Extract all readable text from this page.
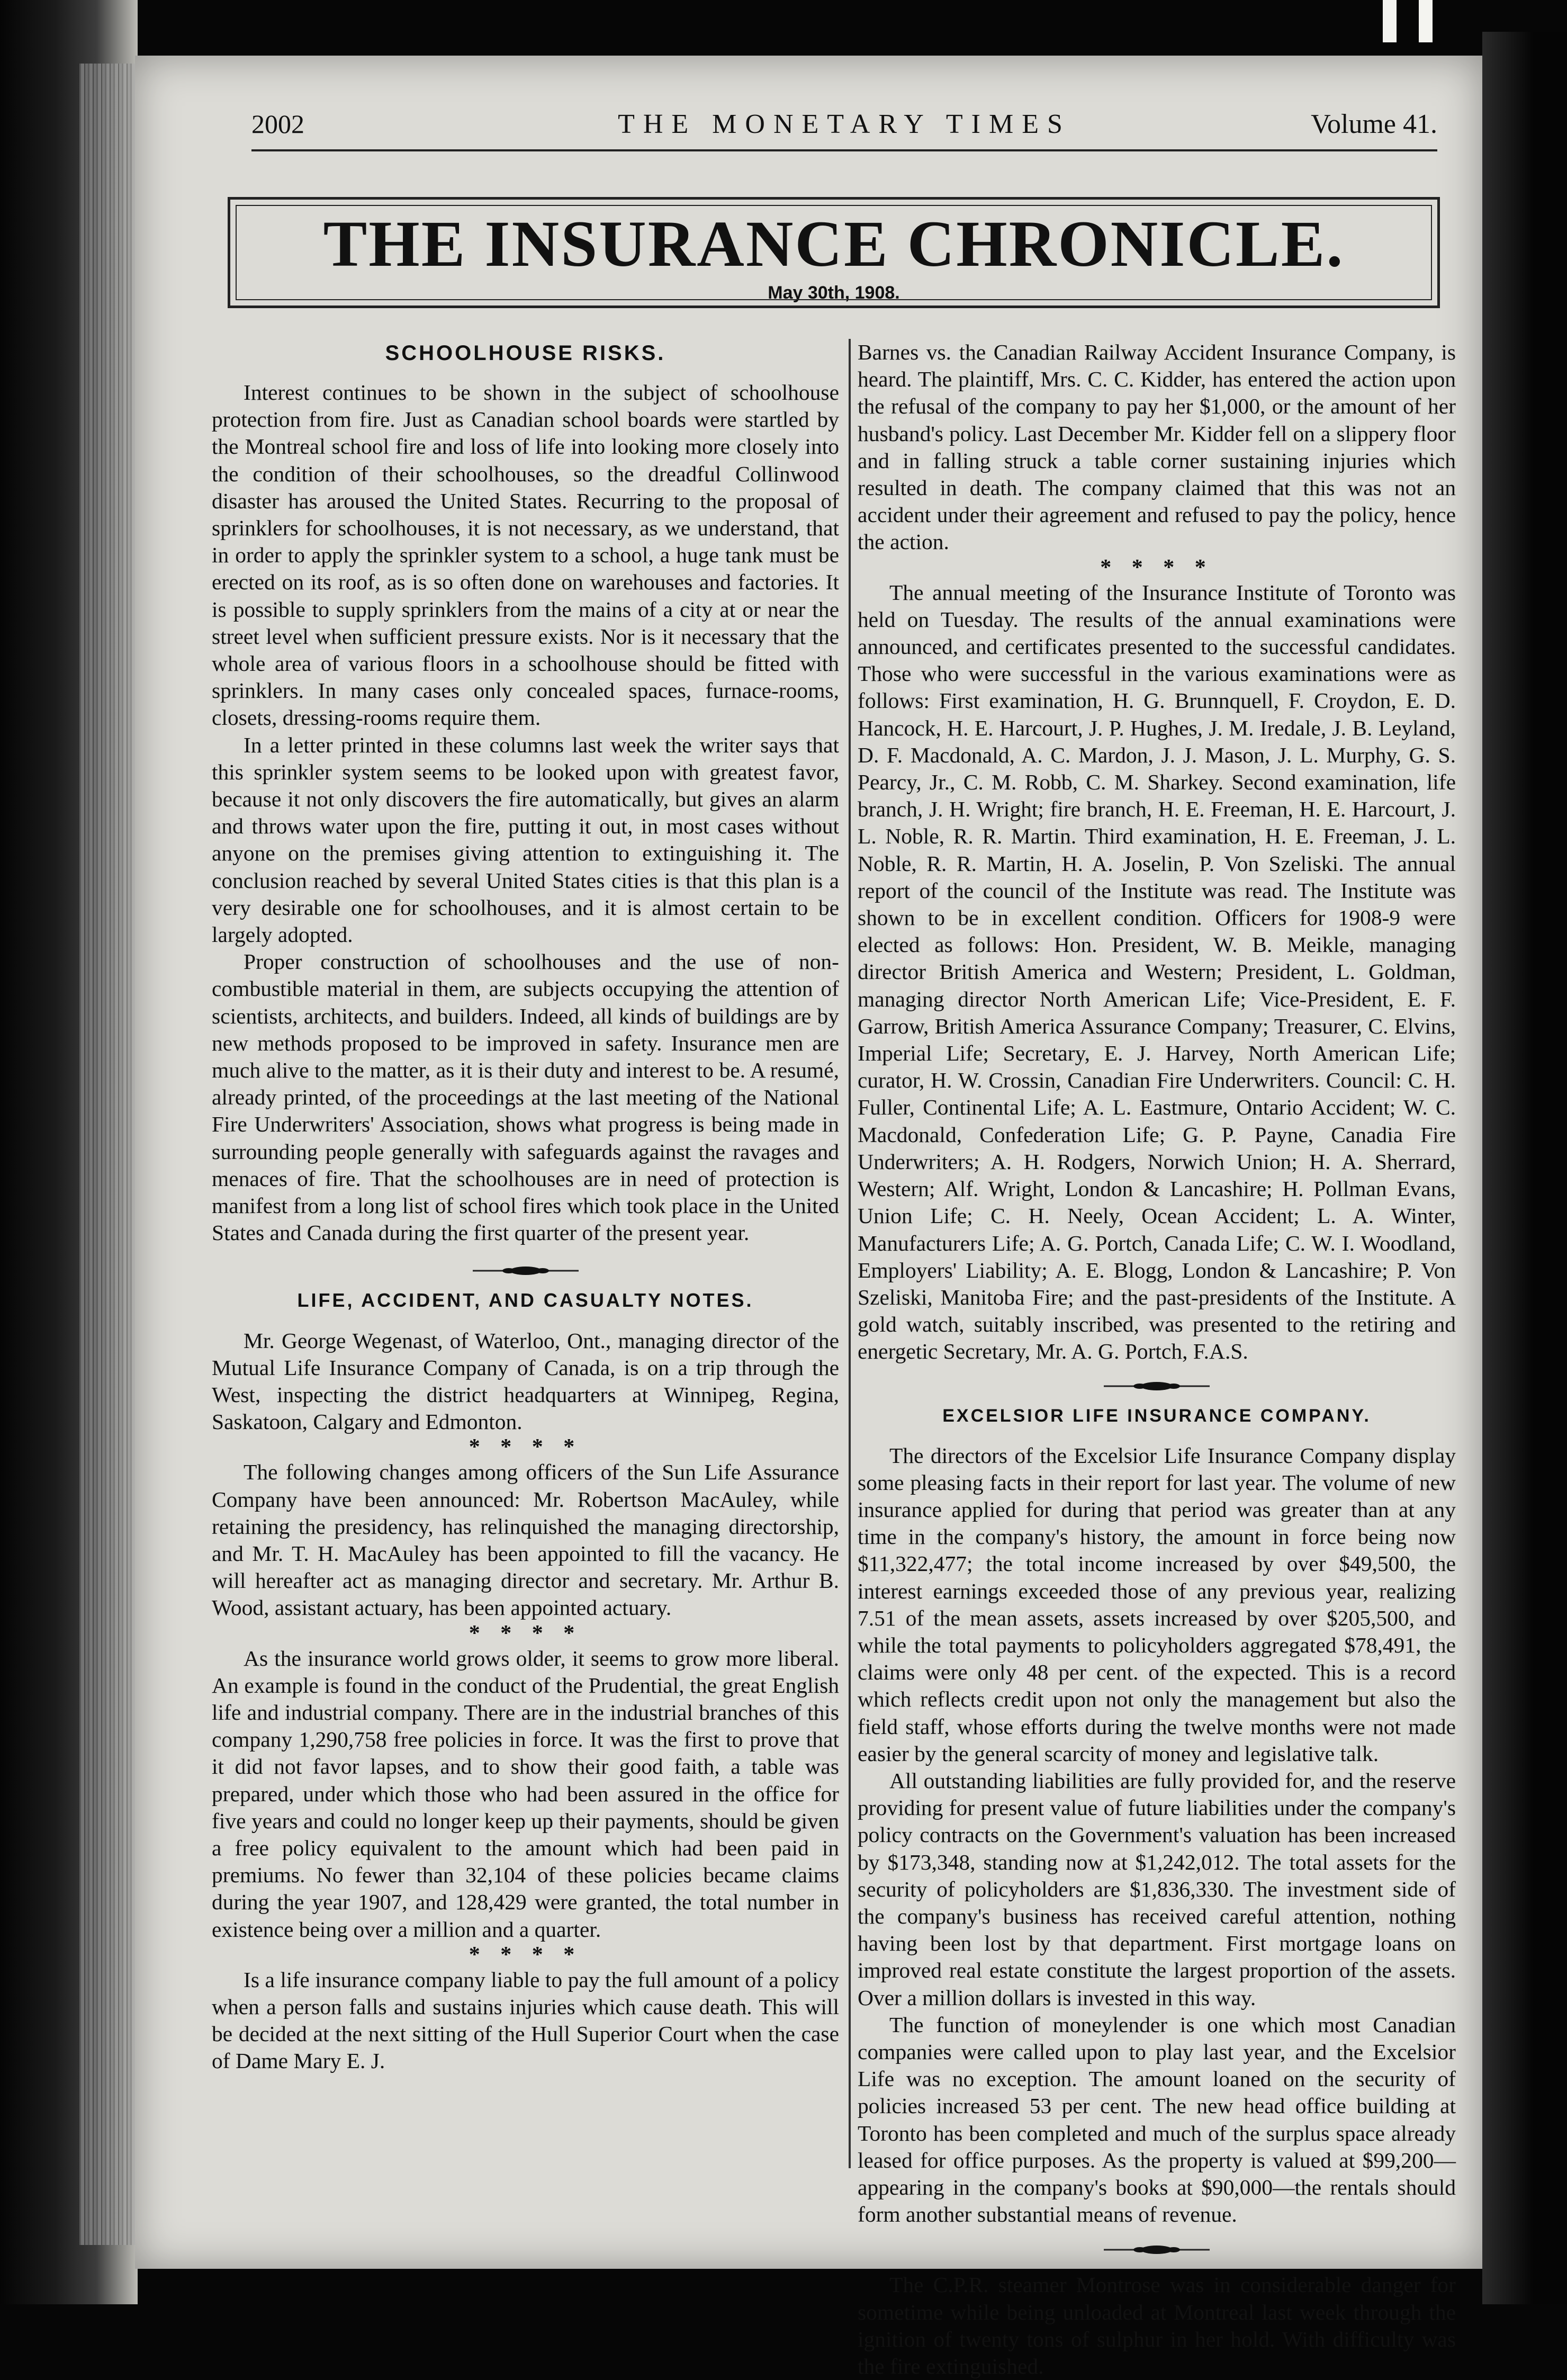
2002	THE MONETARY TIMES	Volume 41.
THE INSURANCE CHRONICLE.
May 30th, 1908.
SCHOOLHOUSE RISKS.

Interest continues to be shown in the subject of schoolhouse protection from fire. Just as Canadian school boards were startled by the Montreal school fire and loss of life into looking more closely into the condition of their schoolhouses, so the dreadful Collinwood disaster has aroused the United States. Recurring to the proposal of sprinklers for schoolhouses, it is not necessary, as we understand, that in order to apply the sprinkler system to a school, a huge tank must be erected on its roof, as is so often done on warehouses and factories. It is possible to supply sprinklers from the mains of a city at or near the street level when sufficient pressure exists. Nor is it necessary that the whole area of various floors in a schoolhouse should be fitted with sprinklers. In many cases only concealed spaces, furnace-rooms, closets, dressing-rooms require them.

In a letter printed in these columns last week the writer says that this sprinkler system seems to be looked upon with greatest favor, because it not only discovers the fire automatically, but gives an alarm and throws water upon the fire, putting it out, in most cases without anyone on the premises giving attention to extinguishing it. The conclusion reached by several United States cities is that this plan is a very desirable one for schoolhouses, and it is almost certain to be largely adopted.

Proper construction of schoolhouses and the use of non-combustible material in them, are subjects occupying the attention of scientists, architects, and builders. Indeed, all kinds of buildings are by new methods proposed to be improved in safety. Insurance men are much alive to the matter, as it is their duty and interest to be. A resumé, already printed, of the proceedings at the last meeting of the National Fire Underwriters' Association, shows what progress is being made in surrounding people generally with safeguards against the ravages and menaces of fire. That the schoolhouses are in need of protection is manifest from a long list of school fires which took place in the United States and Canada during the first quarter of the present year.

LIFE, ACCIDENT, AND CASUALTY NOTES.

Mr. George Wegenast, of Waterloo, Ont., managing director of the Mutual Life Insurance Company of Canada, is on a trip through the West, inspecting the district headquarters at Winnipeg, Regina, Saskatoon, Calgary and Edmonton.

* * * *

The following changes among officers of the Sun Life Assurance Company have been announced: Mr. Robertson MacAuley, while retaining the presidency, has relinquished the managing directorship, and Mr. T. H. MacAuley has been appointed to fill the vacancy. He will hereafter act as managing director and secretary. Mr. Arthur B. Wood, assistant actuary, has been appointed actuary.

* * * *

As the insurance world grows older, it seems to grow more liberal. An example is found in the conduct of the Prudential, the great English life and industrial company. There are in the industrial branches of this company 1,290,758 free policies in force. It was the first to prove that it did not favor lapses, and to show their good faith, a table was prepared, under which those who had been assured in the office for five years and could no longer keep up their payments, should be given a free policy equivalent to the amount which had been paid in premiums. No fewer than 32,104 of these policies became claims during the year 1907, and 128,429 were granted, the total number in existence being over a million and a quarter.

* * * *

Is a life insurance company liable to pay the full amount of a policy when a person falls and sustains injuries which cause death. This will be decided at the next sitting of the Hull Superior Court when the case of Dame Mary E. J.

Barnes vs. the Canadian Railway Accident Insurance Company, is heard. The plaintiff, Mrs. C. C. Kidder, has entered the action upon the refusal of the company to pay her $1,000, or the amount of her husband's policy. Last December Mr. Kidder fell on a slippery floor and in falling struck a table corner sustaining injuries which resulted in death. The company claimed that this was not an accident under their agreement and refused to pay the policy, hence the action.

* * * *

The annual meeting of the Insurance Institute of Toronto was held on Tuesday. The results of the annual examinations were announced, and certificates presented to the successful candidates. Those who were successful in the various examinations were as follows: First examination, H. G. Brunnquell, F. Croydon, E. D. Hancock, H. E. Harcourt, J. P. Hughes, J. M. Iredale, J. B. Leyland, D. F. Macdonald, A. C. Mardon, J. J. Mason, J. L. Murphy, G. S. Pearcy, Jr., C. M. Robb, C. M. Sharkey. Second examination, life branch, J. H. Wright; fire branch, H. E. Freeman, H. E. Harcourt, J. L. Noble, R. R. Martin. Third examination, H. E. Freeman, J. L. Noble, R. R. Martin, H. A. Joselin, P. Von Szeliski. The annual report of the council of the Institute was read. The Institute was shown to be in excellent condition. Officers for 1908-9 were elected as follows: Hon. President, W. B. Meikle, managing director British America and Western; President, L. Goldman, managing director North American Life; Vice-President, E. F. Garrow, British America Assurance Company; Treasurer, C. Elvins, Imperial Life; Secretary, E. J. Harvey, North American Life; curator, H. W. Crossin, Canadian Fire Underwriters. Council: C. H. Fuller, Continental Life; A. L. Eastmure, Ontario Accident; W. C. Macdonald, Confederation Life; G. P. Payne, Canadia Fire Underwriters; A. H. Rodgers, Norwich Union; H. A. Sherrard, Western; Alf. Wright, London & Lancashire; H. Pollman Evans, Union Life; C. H. Neely, Ocean Accident; L. A. Winter, Manufacturers Life; A. G. Portch, Canada Life; C. W. I. Woodland, Employers' Liability; A. E. Blogg, London & Lancashire; P. Von Szeliski, Manitoba Fire; and the past-presidents of the Institute. A gold watch, suitably inscribed, was presented to the retiring and energetic Secretary, Mr. A. G. Portch, F.A.S.

EXCELSIOR LIFE INSURANCE COMPANY.

The directors of the Excelsior Life Insurance Company display some pleasing facts in their report for last year. The volume of new insurance applied for during that period was greater than at any time in the company's history, the amount in force being now $11,322,477; the total income increased by over $49,500, the interest earnings exceeded those of any previous year, realizing 7.51 of the mean assets, assets increased by over $205,500, and while the total payments to policyholders aggregated $78,491, the claims were only 48 per cent. of the expected. This is a record which reflects credit upon not only the management but also the field staff, whose efforts during the twelve months were not made easier by the general scarcity of money and legislative talk.

All outstanding liabilities are fully provided for, and the reserve providing for present value of future liabilities under the company's policy contracts on the Government's valuation has been increased by $173,348, standing now at $1,242,012. The total assets for the security of policyholders are $1,836,330. The investment side of the company's business has received careful attention, nothing having been lost by that department. First mortgage loans on improved real estate constitute the largest proportion of the assets. Over a million dollars is invested in this way.

The function of moneylender is one which most Canadian companies were called upon to play last year, and the Excelsior Life was no exception. The amount loaned on the security of policies increased 53 per cent. The new head office building at Toronto has been completed and much of the surplus space already leased for office purposes. As the property is valued at $99,200—appearing in the company's books at $90,000—the rentals should form another substantial means of revenue.

The C.P.R. steamer Montrose was in considerable danger for sometime while being unloaded at Montreal last week through the ignition of twenty tons of sulphur in her hold. With difficulty was the fire extinguished.
